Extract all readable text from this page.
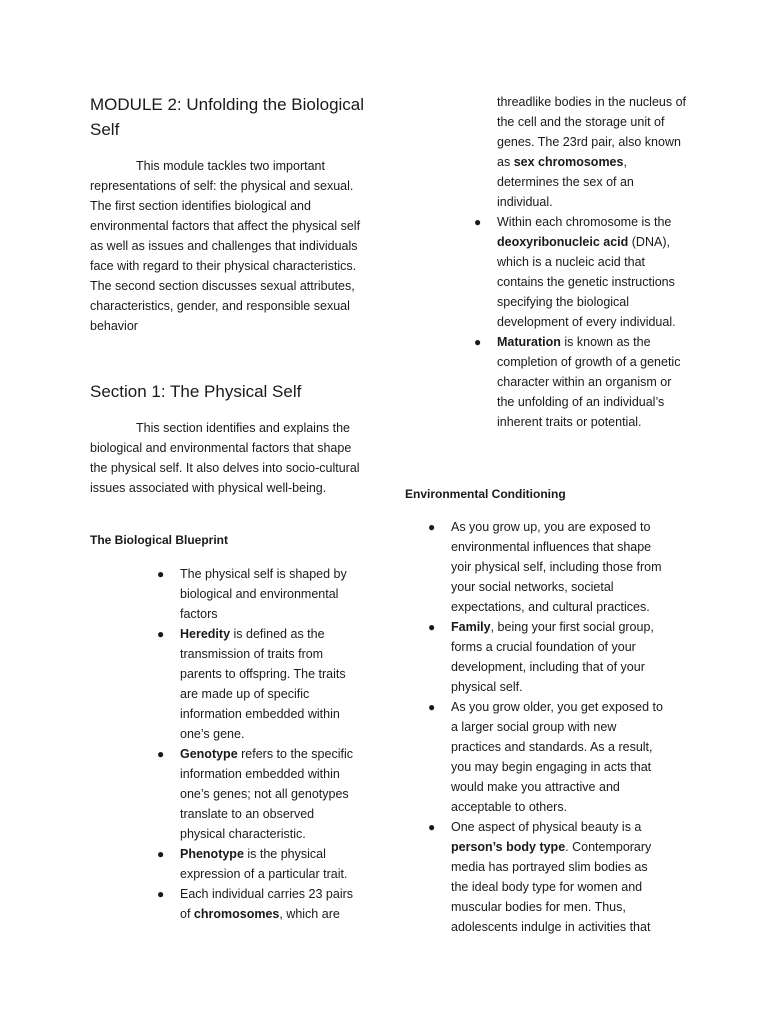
MODULE 2: Unfolding the Biological Self

This module tackles two important representations of self: the physical and sexual. The first section identifies biological and environmental factors that affect the physical self as well as issues and challenges that individuals face with regard to their physical characteristics. The second section discusses sexual attributes, characteristics, gender, and responsible sexual behavior

Section 1: The Physical Self

This section identifies and explains the biological and environmental factors that shape the physical self. It also delves into socio-cultural issues associated with physical well-being.

The Biological Blueprint
● The physical self is shaped by biological and environmental factors
● Heredity is defined as the transmission of traits from parents to offspring. The traits are made up of specific information embedded within one’s gene.
● Genotype refers to the specific information embedded within one’s genes; not all genotypes translate to an observed physical characteristic.
● Phenotype is the physical expression of a particular trait.
● Each individual carries 23 pairs of chromosomes, which are
threadlike bodies in the nucleus of the cell and the storage unit of genes. The 23rd pair, also known as sex chromosomes, determines the sex of an individual.
● Within each chromosome is the deoxyribonucleic acid (DNA), which is a nucleic acid that contains the genetic instructions specifying the biological development of every individual.
● Maturation is known as the completion of growth of a genetic character within an organism or the unfolding of an individual’s inherent traits or potential.
Environmental Conditioning
● As you grow up, you are exposed to environmental influences that shape yoir physical self, including those from your social networks, societal expectations, and cultural practices.
● Family, being your first social group, forms a crucial foundation of your development, including that of your physical self.
● As you grow older, you get exposed to a larger social group with new practices and standards. As a result, you may begin engaging in acts that would make you attractive and acceptable to others.
● One aspect of physical beauty is a person’s body type. Contemporary media has portrayed slim bodies as the ideal body type for women and muscular bodies for men. Thus, adolescents indulge in activities that
